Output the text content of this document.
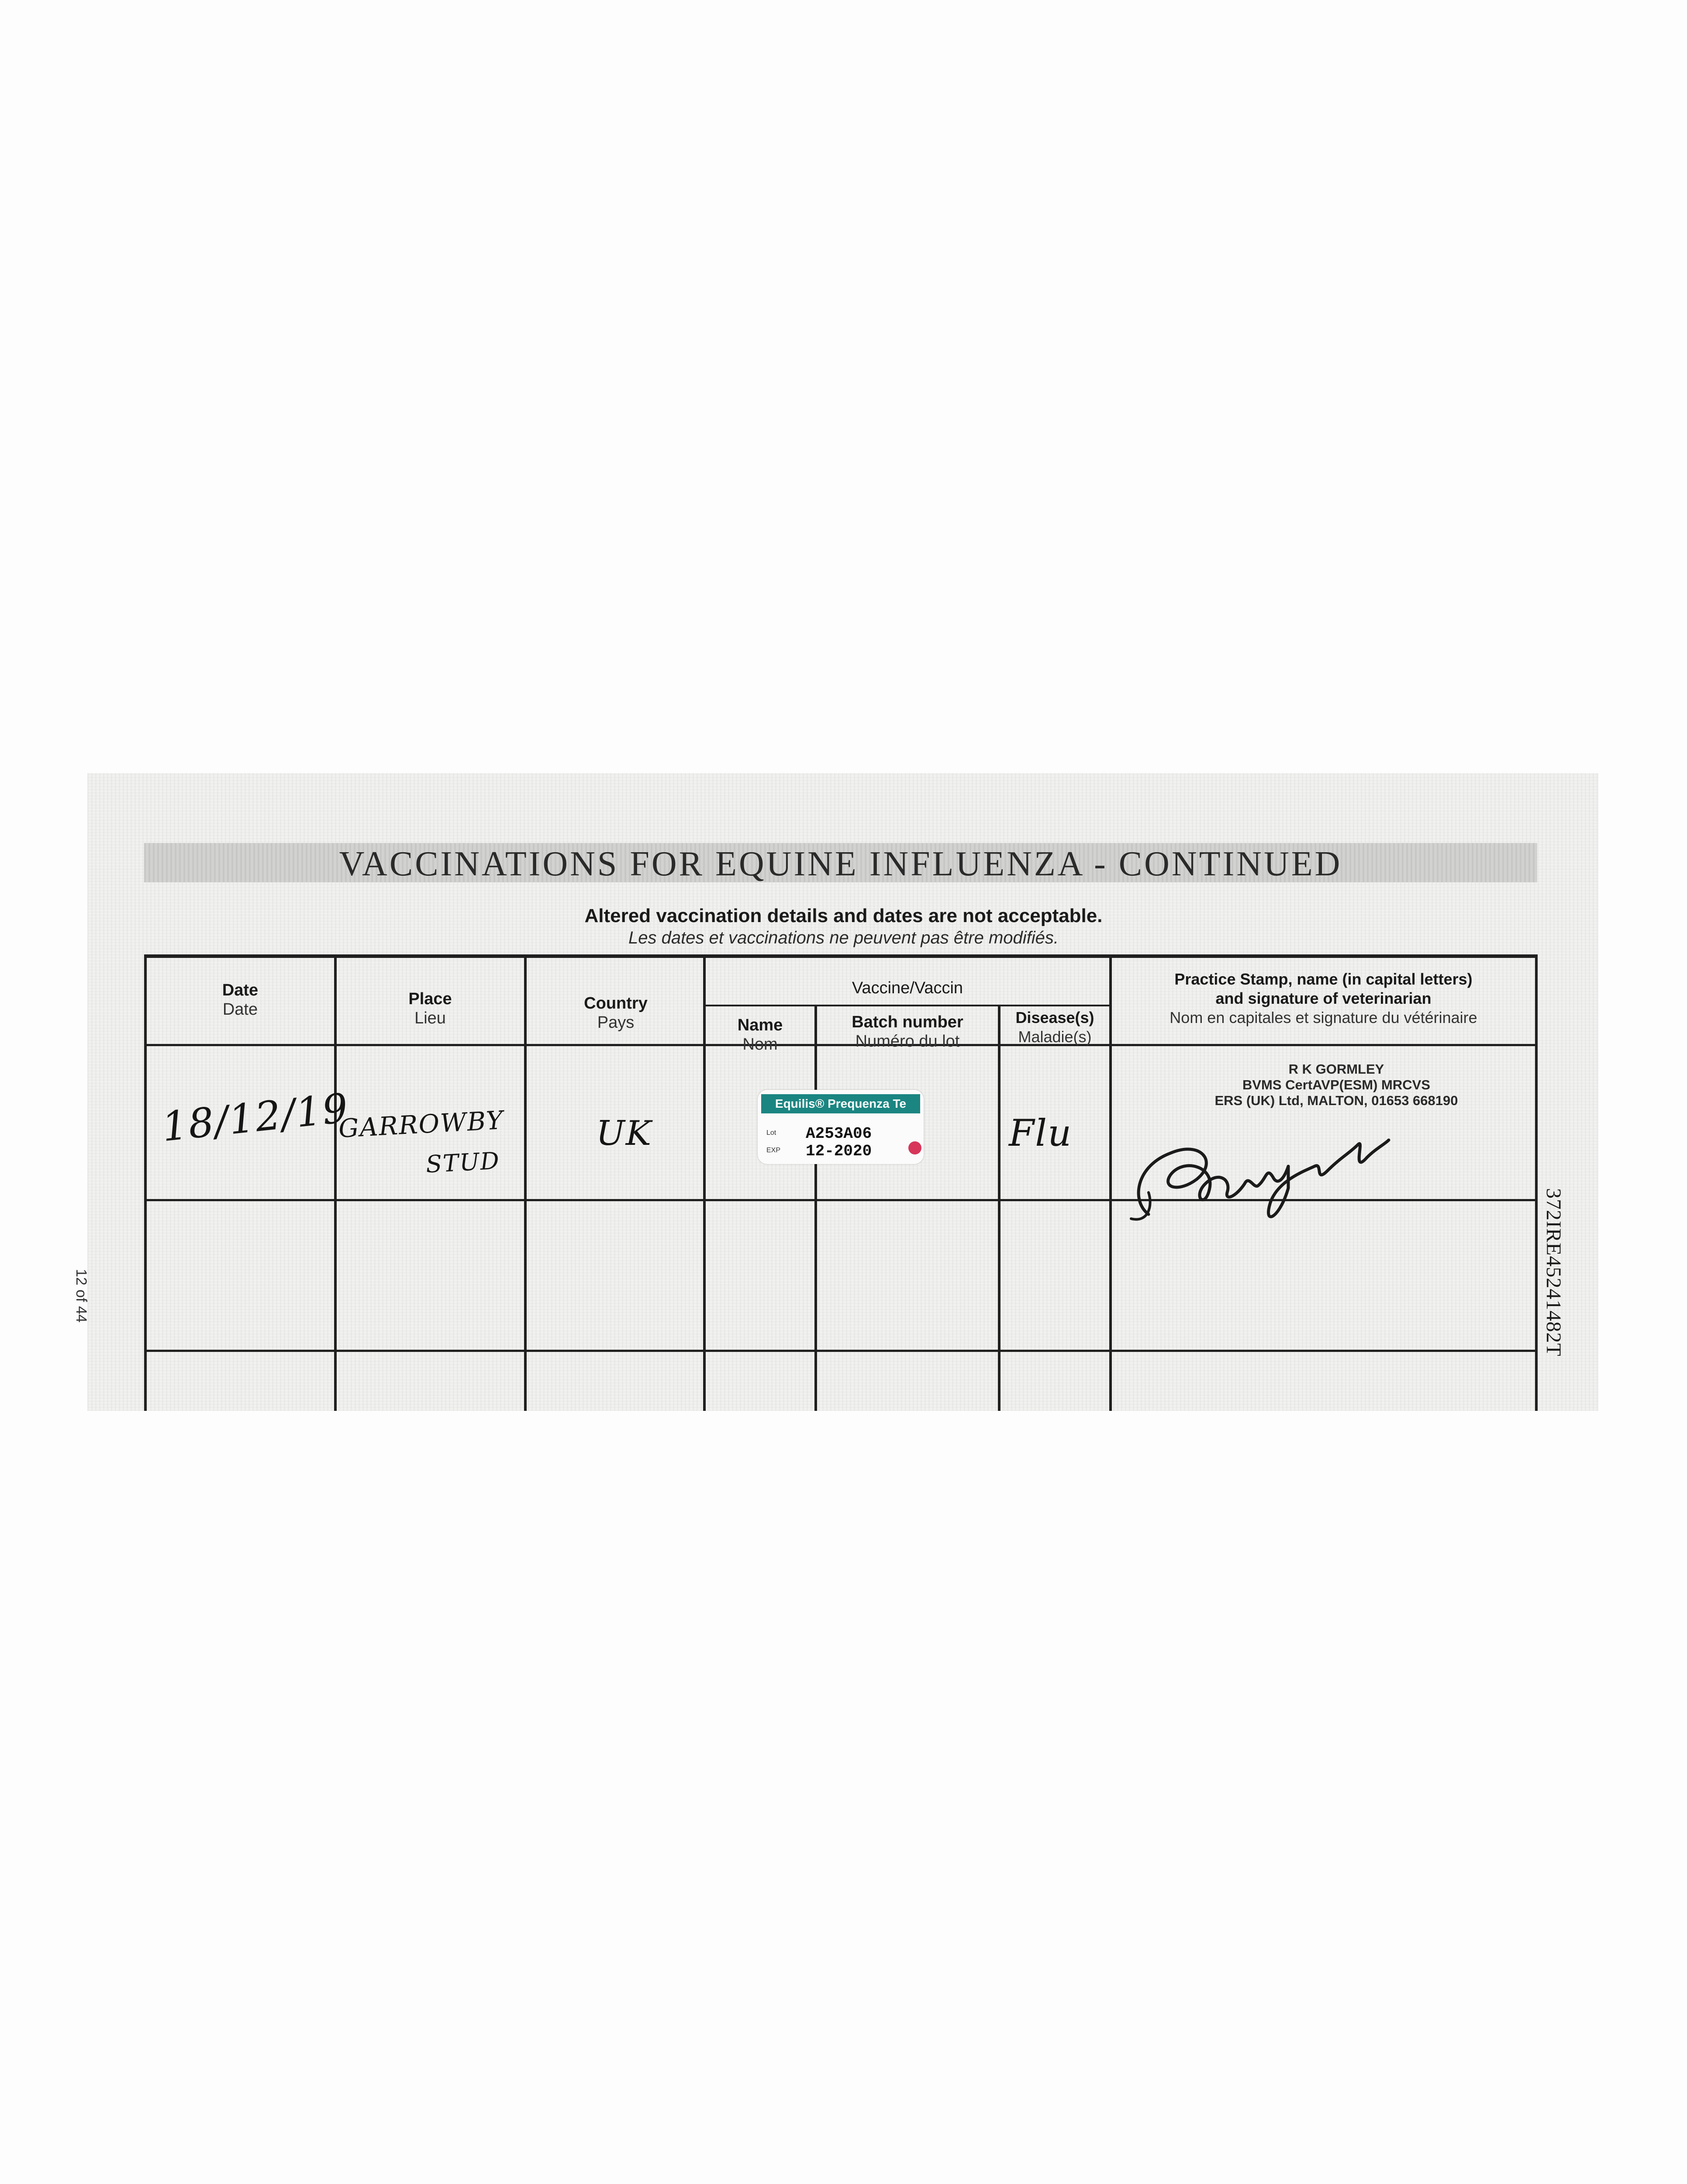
VACCINATIONS FOR EQUINE INFLUENZA - CONTINUED
Altered vaccination details and dates are not acceptable.
Les dates et vaccinations ne peuvent pas être modifiés.
Date
Date
Place
Lieu
Country
Pays
Vaccine/Vaccin
Name
Nom
Batch number
Numéro du lot
Disease(s)
Maladie(s)
Practice Stamp, name (in capital letters)
and signature of veterinarian
Nom en capitales et signature du vétérinaire
18/12/19
GARROWBY
STUD
UK
Equilis® Prequenza Te
Lot
EXP
A253A06
12-2020	Flu
R K GORMLEY
BVMS CertAVP(ESM) MRCVS
ERS (UK) Ltd, MALTON, 01653 668190
12 of 44	372IRE45241482T
